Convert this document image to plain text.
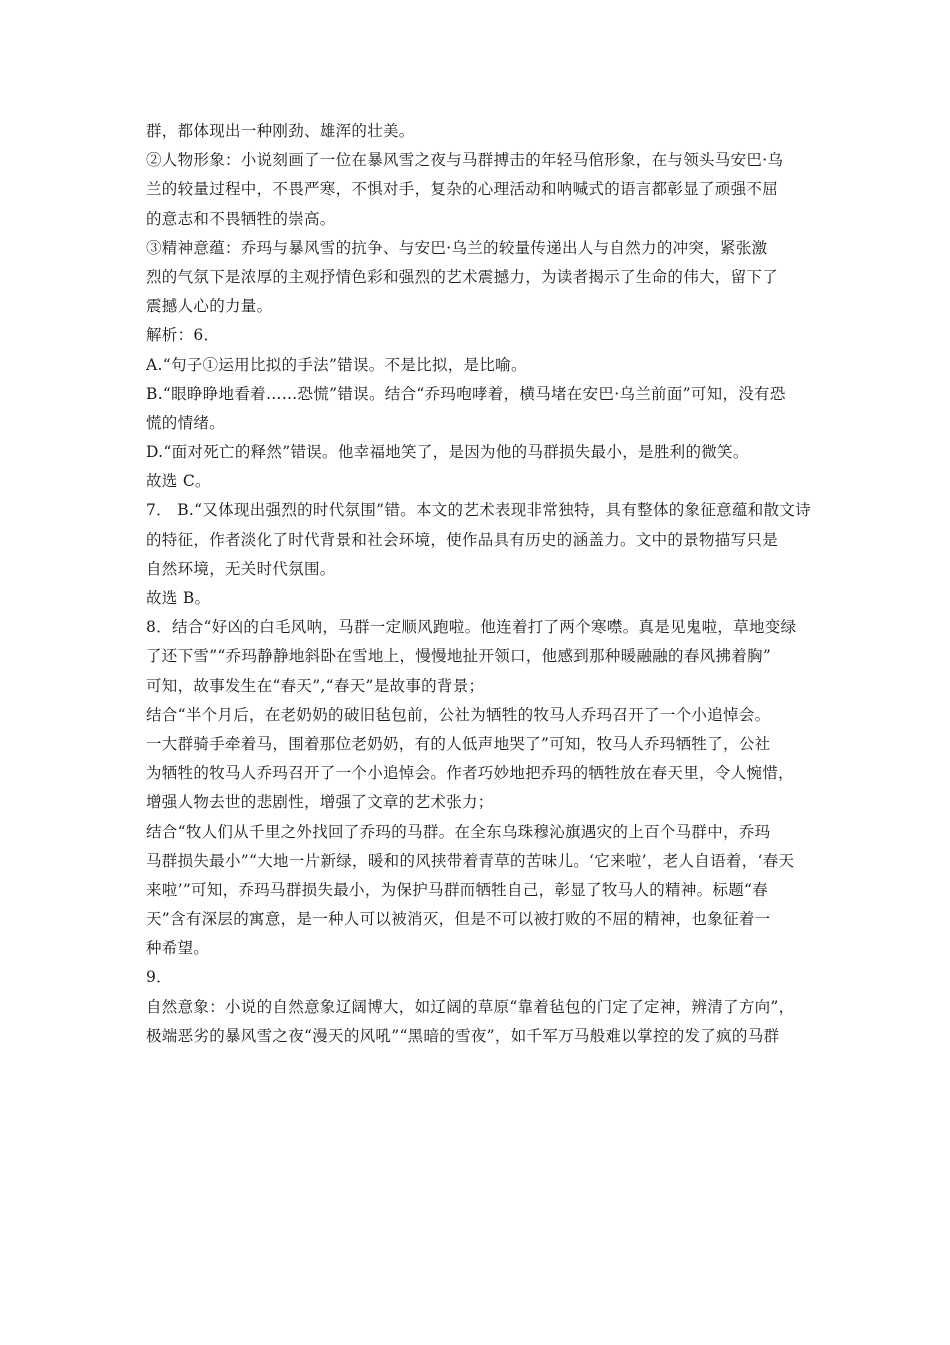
群，都体现出一种刚劲、雄浑的壮美。
②人物形象：小说刻画了一位在暴风雪之夜与马群搏击的年轻马倌形象，在与领头马安巴·乌
兰的较量过程中，不畏严寒，不惧对手，复杂的心理活动和呐喊式的语言都彰显了顽强不屈
的意志和不畏牺牲的崇高。
③精神意蕴：乔玛与暴风雪的抗争、与安巴·乌兰的较量传递出人与自然力的冲突，紧张激
烈的气氛下是浓厚的主观抒情色彩和强烈的艺术震撼力，为读者揭示了生命的伟大，留下了
震撼人心的力量。
解析：6．
A.“句子①运用比拟的手法”错误。不是比拟，是比喻。
B.“眼睁睁地看着……恐慌”错误。结合“乔玛咆哮着，横马堵在安巴·乌兰前面”可知，没有恐
慌的情绪。
D.“面对死亡的释然”错误。他幸福地笑了，是因为他的马群损失最小，是胜利的微笑。
故选 C。
7． B.“又体现出强烈的时代氛围”错。本文的艺术表现非常独特，具有整体的象征意蕴和散文诗
的特征，作者淡化了时代背景和社会环境，使作品具有历史的涵盖力。文中的景物描写只是
自然环境，无关时代氛围。
故选 B。
8．结合“好凶的白毛风呐，马群一定顺风跑啦。他连着打了两个寒噤。真是见鬼啦，草地变绿
了还下雪”“乔玛静静地斜卧在雪地上，慢慢地扯开领口，他感到那种暖融融的春风拂着胸”
可知，故事发生在“春天”,“春天”是故事的背景；
结合“半个月后，在老奶奶的破旧毡包前，公社为牺牲的牧马人乔玛召开了一个小追悼会。
一大群骑手牵着马，围着那位老奶奶，有的人低声地哭了”可知，牧马人乔玛牺牲了，公社
为牺牲的牧马人乔玛召开了一个小追悼会。作者巧妙地把乔玛的牺牲放在春天里，令人惋惜，
增强人物去世的悲剧性，增强了文章的艺术张力；
结合“牧人们从千里之外找回了乔玛的马群。在全东乌珠穆沁旗遇灾的上百个马群中，乔玛
马群损失最小”“大地一片新绿，暖和的风挟带着青草的苦味儿。‘它来啦’，老人自语着，‘春天
来啦’”可知，乔玛马群损失最小，为保护马群而牺牲自己，彰显了牧马人的精神。标题“春
天”含有深层的寓意，是一种人可以被消灭，但是不可以被打败的不屈的精神，也象征着一
种希望。
9．
自然意象：小说的自然意象辽阔博大，如辽阔的草原“靠着毡包的门定了定神，辨清了方向”，
极端恶劣的暴风雪之夜“漫天的风吼”“黑暗的雪夜”，如千军万马般难以掌控的发了疯的马群
